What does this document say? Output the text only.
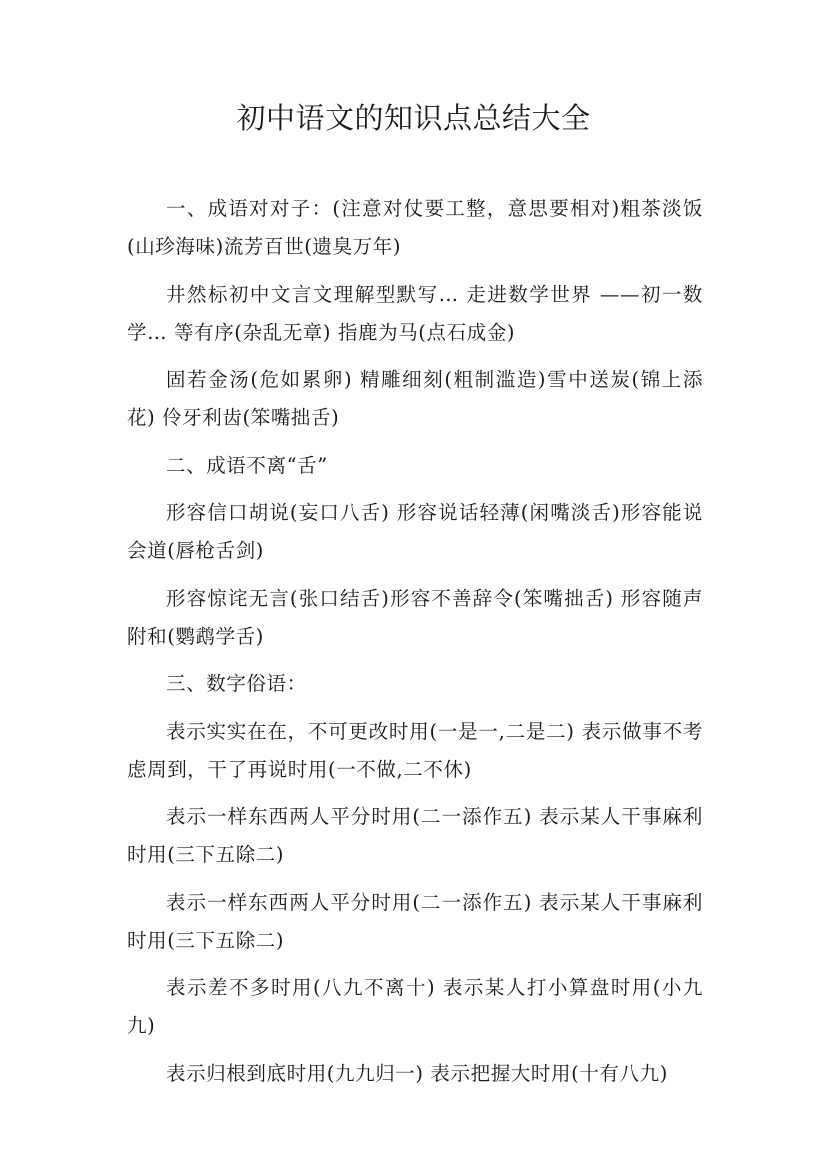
初中语文的知识点总结大全

一、成语对对子：(注意对仗要工整，意思要相对)粗茶淡饭(山珍海味)流芳百世(遗臭万年)

井然标初中文言文理解型默写… 走进数学世界 ——初一数学… 等有序(杂乱无章) 指鹿为马(点石成金)

固若金汤(危如累卵) 精雕细刻(粗制滥造)雪中送炭(锦上添花) 伶牙利齿(笨嘴拙舌)

二、成语不离“舌”

形容信口胡说(妄口八舌) 形容说话轻薄(闲嘴淡舌)形容能说会道(唇枪舌剑)

形容惊诧无言(张口结舌)形容不善辞令(笨嘴拙舌) 形容随声附和(鹦鹉学舌)

三、数字俗语：

表示实实在在，不可更改时用(一是一,二是二) 表示做事不考虑周到，干了再说时用(一不做,二不休)

表示一样东西两人平分时用(二一添作五) 表示某人干事麻利时用(三下五除二)

表示一样东西两人平分时用(二一添作五) 表示某人干事麻利时用(三下五除二)

表示差不多时用(八九不离十) 表示某人打小算盘时用(小九九)

表示归根到底时用(九九归一) 表示把握大时用(十有八九)
